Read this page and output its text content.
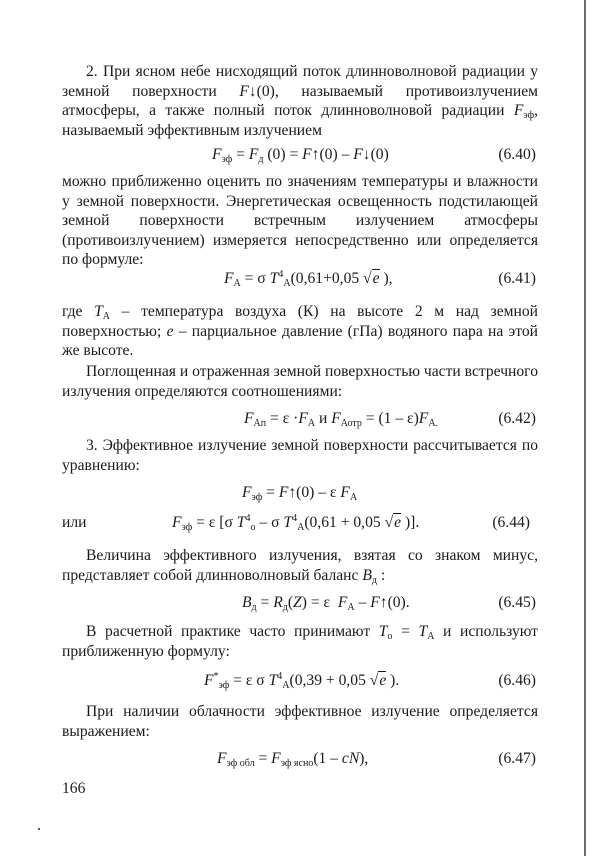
2. При ясном небе нисходящий поток длинноволновой радиации у земной поверхности F↓(0), называемый противоизлучением атмосферы, а также полный поток длинноволновой радиации $F_{эф}$, называемый эффективным излучением
$F_{эф} = F_д$ (0) = F↑(0) – F↓(0)	(6.40)
можно приближенно оценить по значениям температуры и влажности у земной поверхности. Энергетическая освещенность подстилающей земной поверхности встречным излучением атмосферы (противоизлучением) измеряется непосредственно или определяется по формуле:
$F_А = \sigma$ $T^4_А(0,61+0,05$ √e ),	(6.41)
где $T_А$ – температура воздуха (К) на высоте 2 м над земной поверхностью; e – парциальное давление (гПа) водяного пара на этой же высоте.
Поглощенная и отраженная земной поверхностью части встречного излучения определяются соотношениями:
$F_{Ап} = \varepsilon \cdot F_А$ и $F_{Аотр} = (1 - \varepsilon)F_{А.}$	(6.42)
3. Эффективное излучение земной поверхности рассчитывается по уравнению:
$F_{эф}$ = F↑(0) – ε $F_А$
или	$F_{эф} = \varepsilon$ [σ $T^4_о$ – σ $T^4_А(0,61 + 0,05$ √e )].	(6.44)
Величина эффективного излучения, взятая со знаком минус, представляет собой длинноволновый баланс $B_д$ :
$B_д = R_д(Z) = \varepsilon$  $F_А$ – F↑(0).	(6.45)
В расчетной практике часто принимают $T_о = T_А$ и используют приближенную формулу:
$F^*_{эф} = \varepsilon$ σ $T^4_А(0,39 + 0,05$ √e ).	(6.46)
При наличии облачности эффективное излучение определяется выражением:
$F_{эф обл} = F_{эф ясно}(1 - cN)$,	(6.47)
166
